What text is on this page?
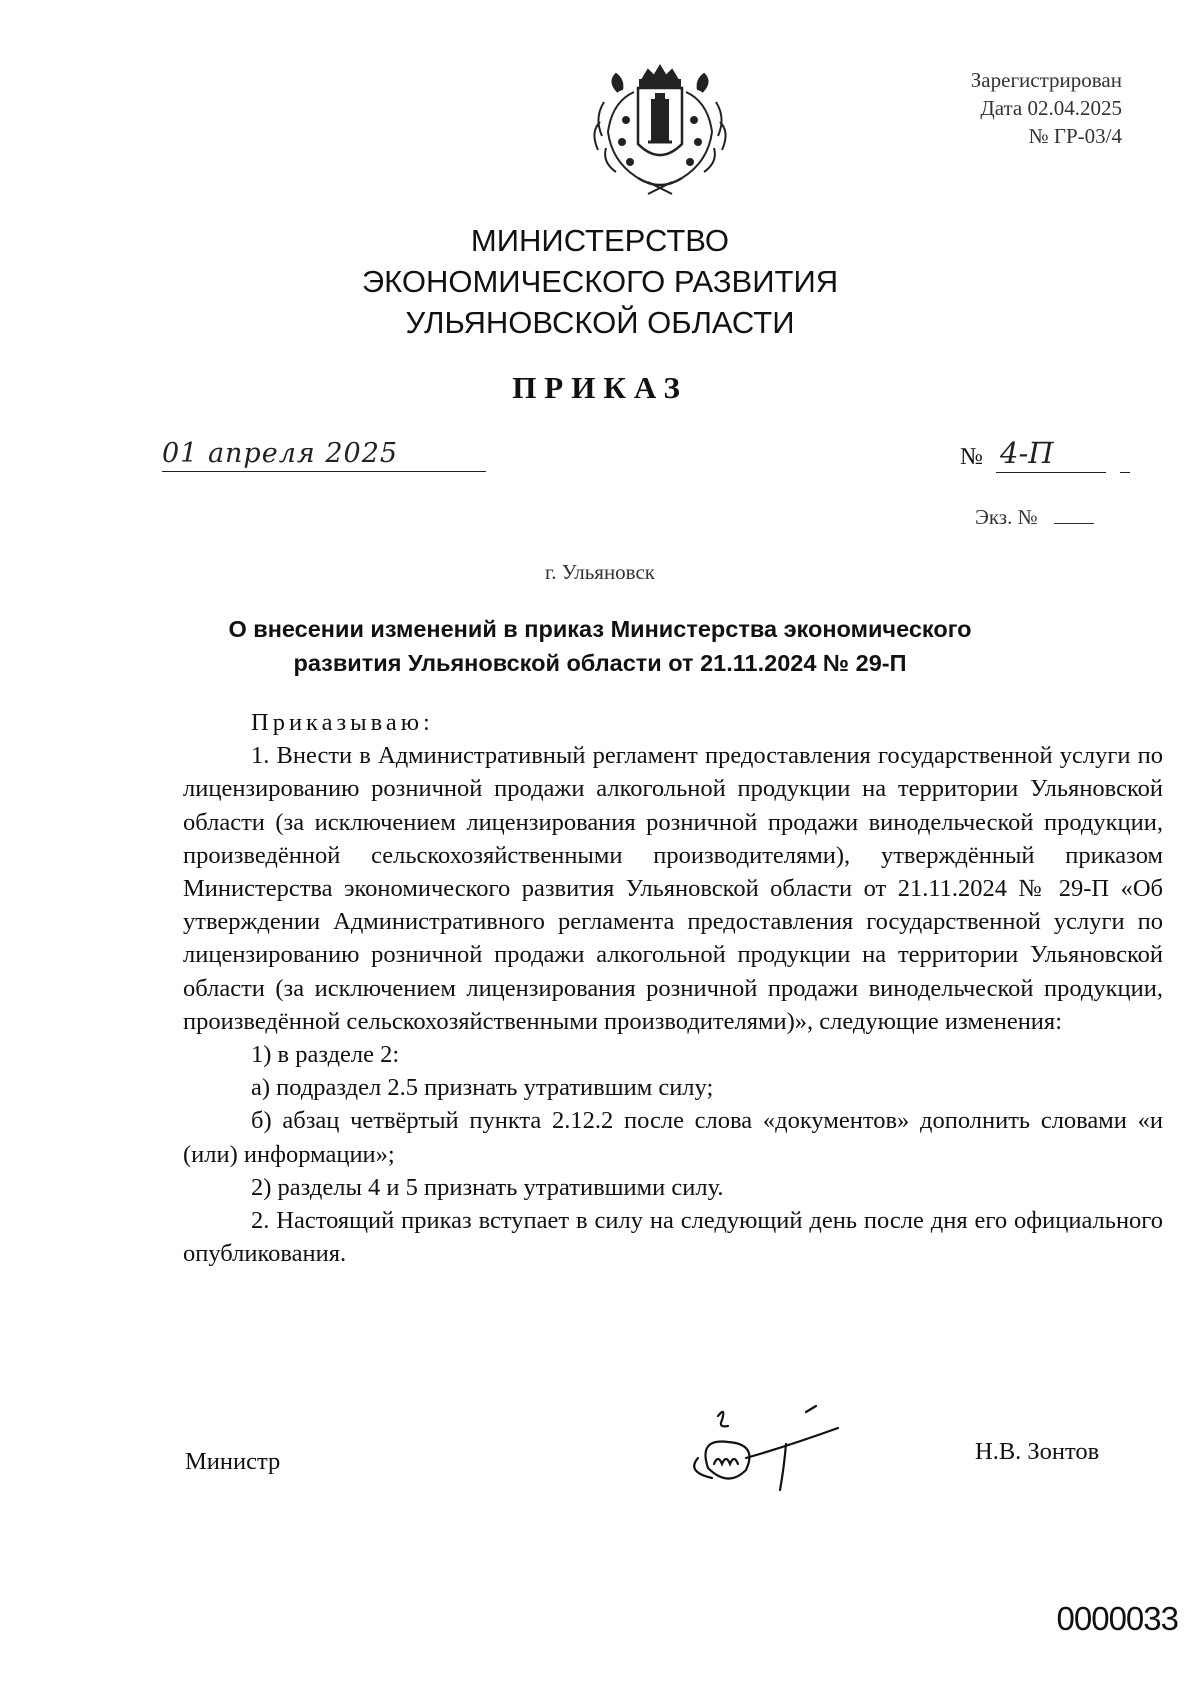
Зарегистрирован
Дата 02.04.2025
№ ГР-03/4
МИНИСТЕРСТВО
ЭКОНОМИЧЕСКОГО РАЗВИТИЯ
УЛЬЯНОВСКОЙ ОБЛАСТИ
ПРИКАЗ
01 апреля 2025	№ 4-П
Экз. №
г. Ульяновск
О внесении изменений в приказ Министерства экономического
развития Ульяновской области от 21.11.2024 № 29-П

Приказываю:

1. Внести в Административный регламент предоставления государственной услуги по лицензированию розничной продажи алкогольной продукции на территории Ульяновской области (за исключением лицензирования розничной продажи винодельческой продукции, произведённой сельскохозяйственными производителями), утверждённый приказом Министерства экономического развития Ульяновской области от 21.11.2024 № 29-П «Об утверждении Административного регламента предоставления государственной услуги по лицензированию розничной продажи алкогольной продукции на территории Ульяновской области (за исключением лицензирования розничной продажи винодельческой продукции, произведённой сельскохозяйственными производителями)», следующие изменения:

1) в разделе 2:

а) подраздел 2.5 признать утратившим силу;

б) абзац четвёртый пункта 2.12.2 после слова «документов» дополнить словами «и (или) информации»;

2) разделы 4 и 5 признать утратившими силу.

2. Настоящий приказ вступает в силу на следующий день после дня его официального опубликования.

Министр	Н.В. Зонтов
0000033
